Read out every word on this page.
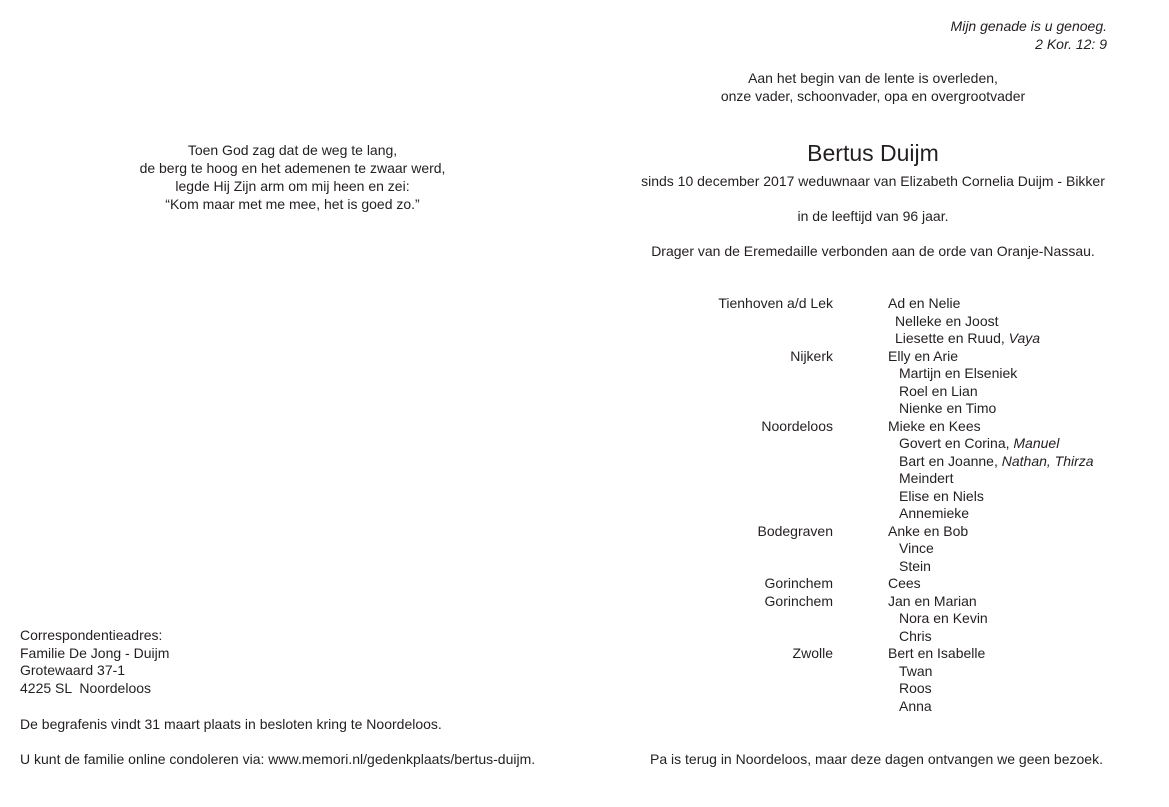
Mijn genade is u genoeg.
2 Kor. 12: 9
Aan het begin van de lente is overleden,
onze vader, schoonvader, opa en overgrootvader
Toen God zag dat de weg te lang,
de berg te hoog en het ademenen te zwaar werd,
legde Hij Zijn arm om mij heen en zei:
“Kom maar met me mee, het is goed zo.”
Bertus Duijm
sinds 10 december 2017 weduwnaar van Elizabeth Cornelia Duijm - Bikker
in de leeftijd van 96 jaar.
Drager van de Eremedaille verbonden aan de orde van Oranje-Nassau.
Tienhoven a/d Lek	Ad en Nelie
Nelleke en Joost
Liesette en Ruud, Vaya
Nijkerk	Elly en Arie
Martijn en Elseniek
Roel en Lian
Nienke en Timo
Noordeloos	Mieke en Kees
Govert en Corina, Manuel
Bart en Joanne, Nathan, Thirza
Meindert
Elise en Niels
Annemieke
Bodegraven	Anke en Bob
Vince
Stein
Gorinchem	Cees
Gorinchem	Jan en Marian
Nora en Kevin
Chris
Zwolle	Bert en Isabelle
Twan
Roos
Anna
Correspondentieadres:
Familie De Jong - Duijm
Grotewaard 37-1
4225 SL  Noordeloos
De begrafenis vindt 31 maart plaats in besloten kring te Noordeloos.
U kunt de familie online condoleren via: www.memori.nl/gedenkplaats/bertus-duijm.	Pa is terug in Noordeloos, maar deze dagen ontvangen we geen bezoek.
